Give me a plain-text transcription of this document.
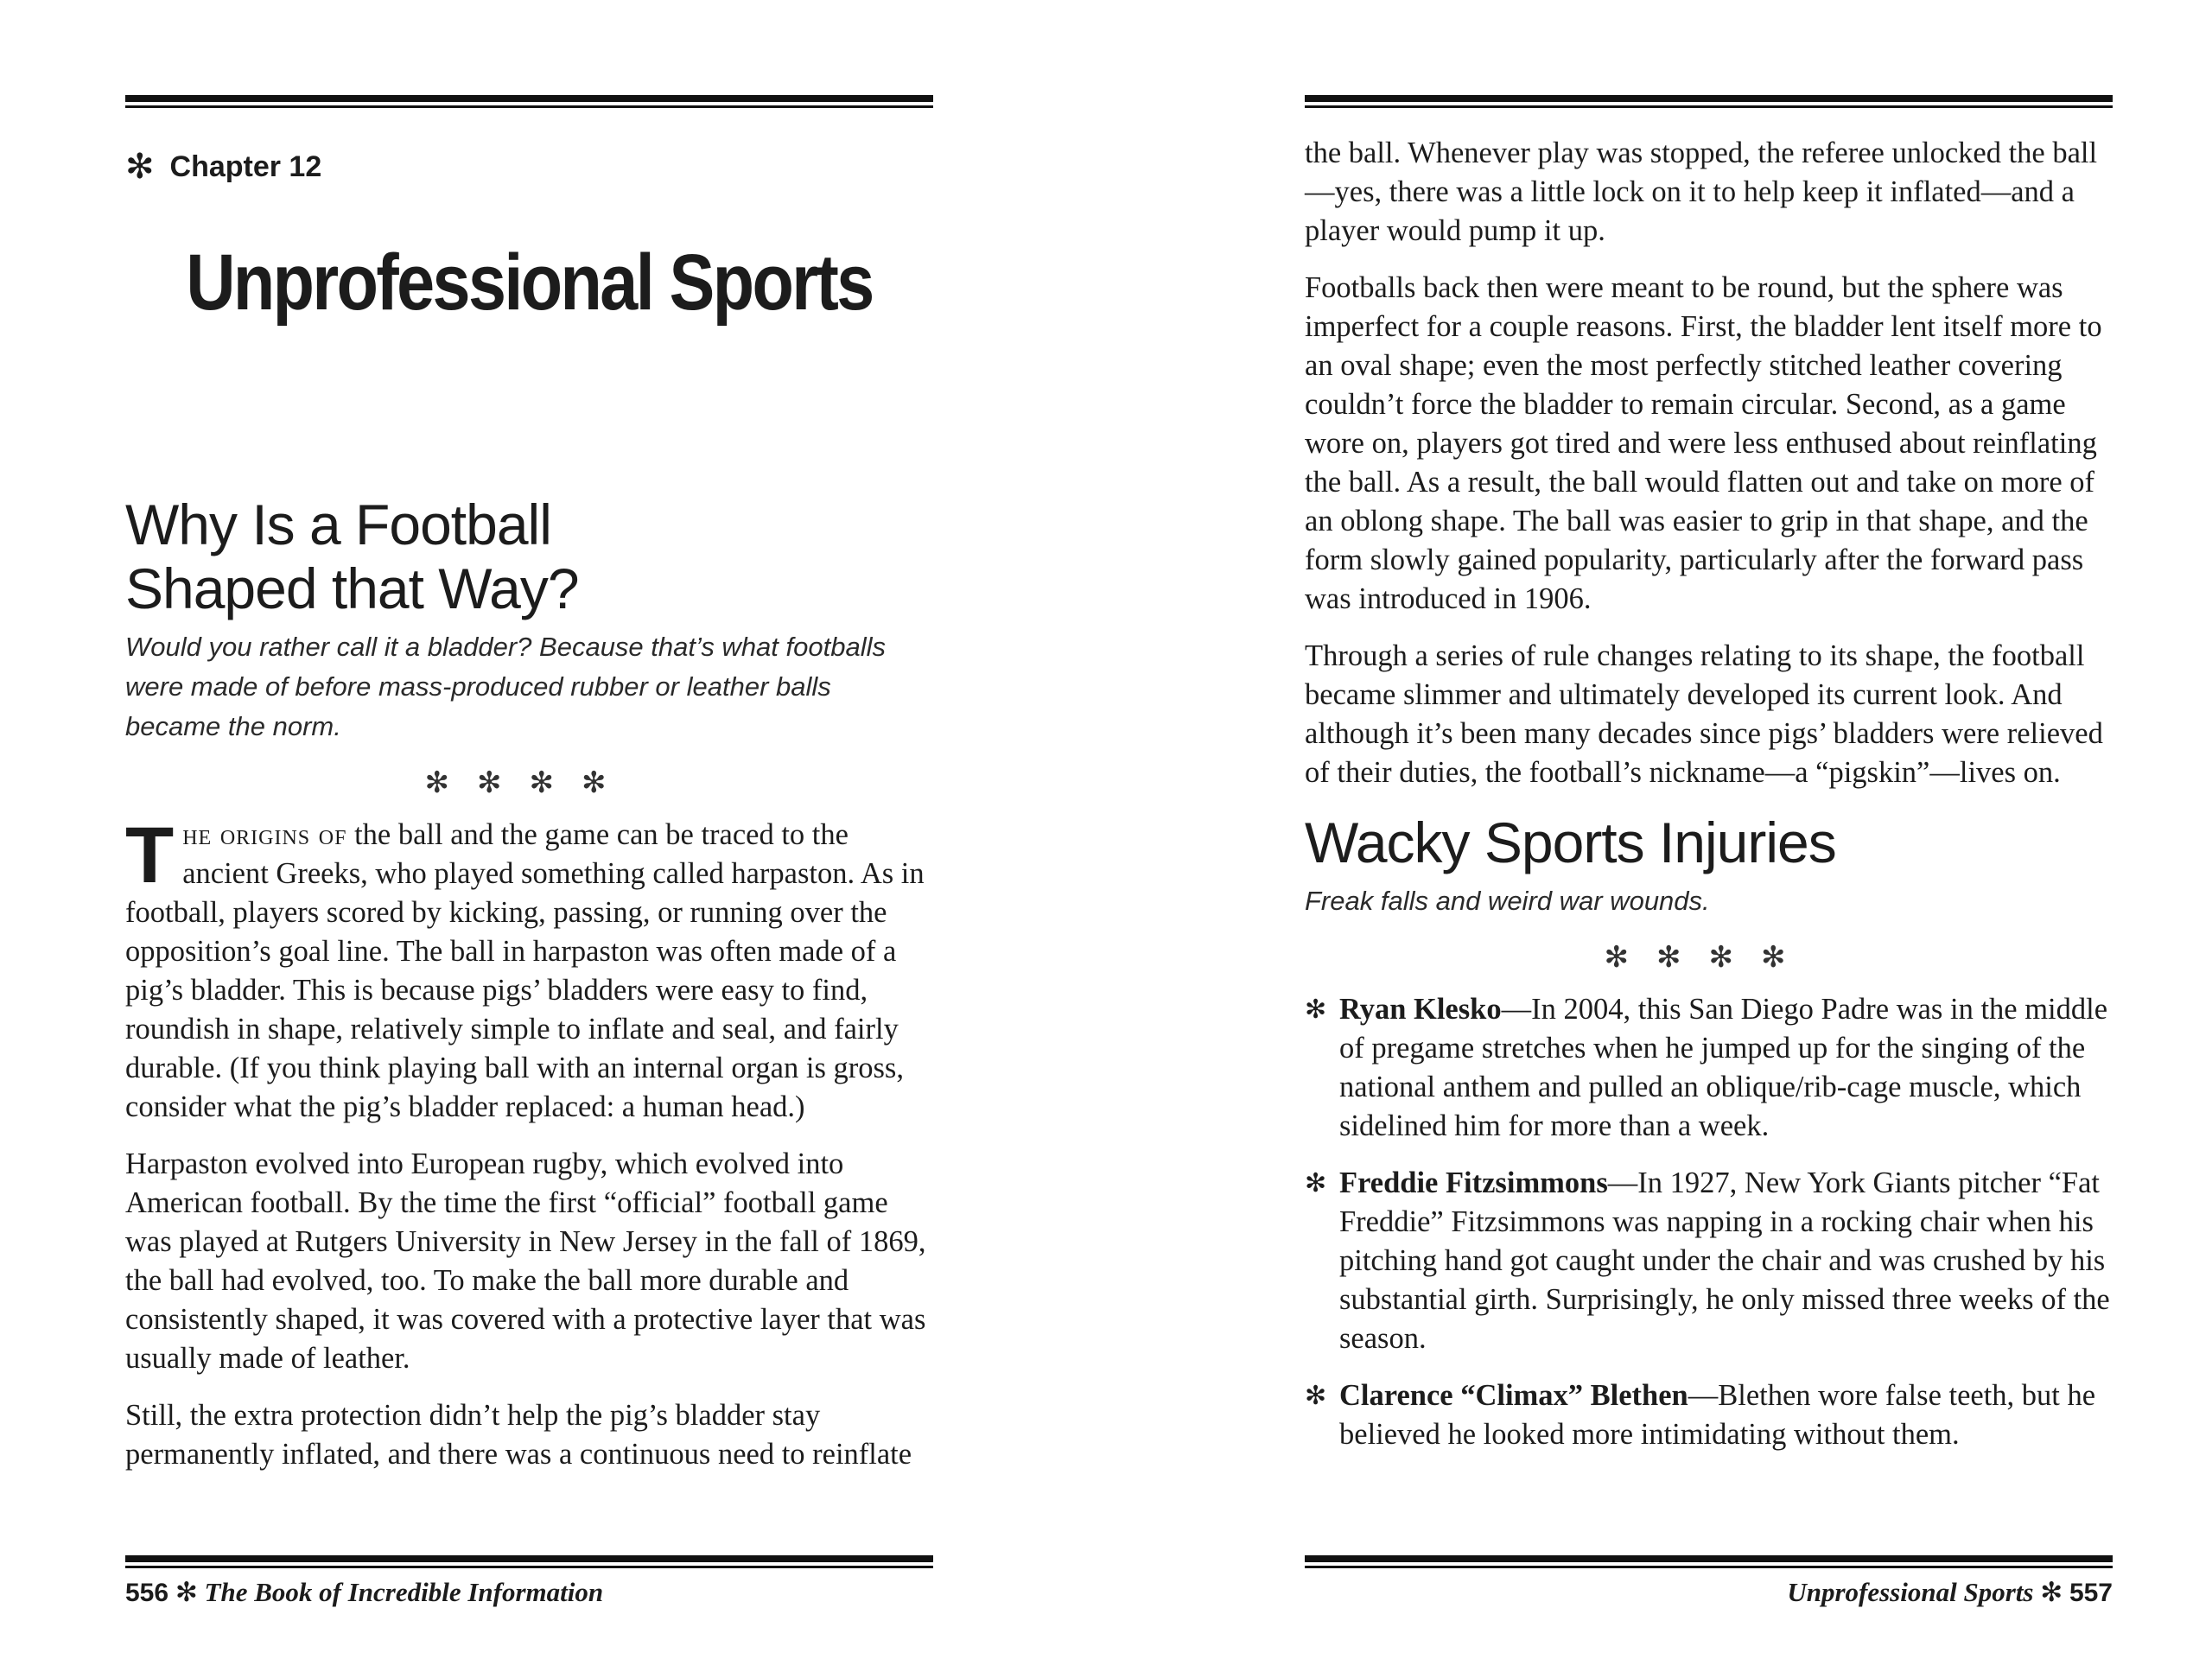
✻ Chapter 12
Unprofessional Sports
Why Is a Football
Shaped that Way?

Would you rather call it a bladder? Because that’s what footballs were made of before mass-produced rubber or leather balls became the norm.

✻✻✻✻

The origins of the ball and the game can be traced to the ancient Greeks, who played something called harpaston. As in football, players scored by kicking, passing, or running over the opposition’s goal line. The ball in harpaston was often made of a pig’s bladder. This is because pigs’ bladders were easy to find, roundish in shape, relatively simple to inflate and seal, and fairly durable. (If you think playing ball with an internal organ is gross, consider what the pig’s bladder replaced: a human head.)

Harpaston evolved into European rugby, which evolved into American football. By the time the first “official” football game was played at Rutgers University in New Jersey in the fall of 1869, the ball had evolved, too. To make the ball more durable and consistently shaped, it was covered with a protective layer that was usually made of leather.

Still, the extra protection didn’t help the pig’s bladder stay permanently inflated, and there was a continuous need to reinflate

556 ✻ The Book of Incredible Information

the ball. Whenever play was stopped, the referee unlocked the ball—yes, there was a little lock on it to help keep it inflated—and a player would pump it up.

Footballs back then were meant to be round, but the sphere was imperfect for a couple reasons. First, the bladder lent itself more to an oval shape; even the most perfectly stitched leather covering couldn’t force the bladder to remain circular. Second, as a game wore on, players got tired and were less enthused about reinflating the ball. As a result, the ball would flatten out and take on more of an oblong shape. The ball was easier to grip in that shape, and the form slowly gained popularity, particularly after the forward pass was introduced in 1906.

Through a series of rule changes relating to its shape, the football became slimmer and ultimately developed its current look. And although it’s been many decades since pigs’ bladders were relieved of their duties, the football’s nickname—a “pigskin”—lives on.

Wacky Sports Injuries

Freak falls and weird war wounds.

✻✻✻✻
✻ Ryan Klesko—In 2004, this San Diego Padre was in the middle of pregame stretches when he jumped up for the singing of the national anthem and pulled an oblique/rib-cage muscle, which sidelined him for more than a week.
✻ Freddie Fitzsimmons—In 1927, New York Giants pitcher “Fat Freddie” Fitzsimmons was napping in a rocking chair when his pitching hand got caught under the chair and was crushed by his substantial girth. Surprisingly, he only missed three weeks of the season.
✻ Clarence “Climax” Blethen—Blethen wore false teeth, but he believed he looked more intimidating without them.
Unprofessional Sports ✻ 557
